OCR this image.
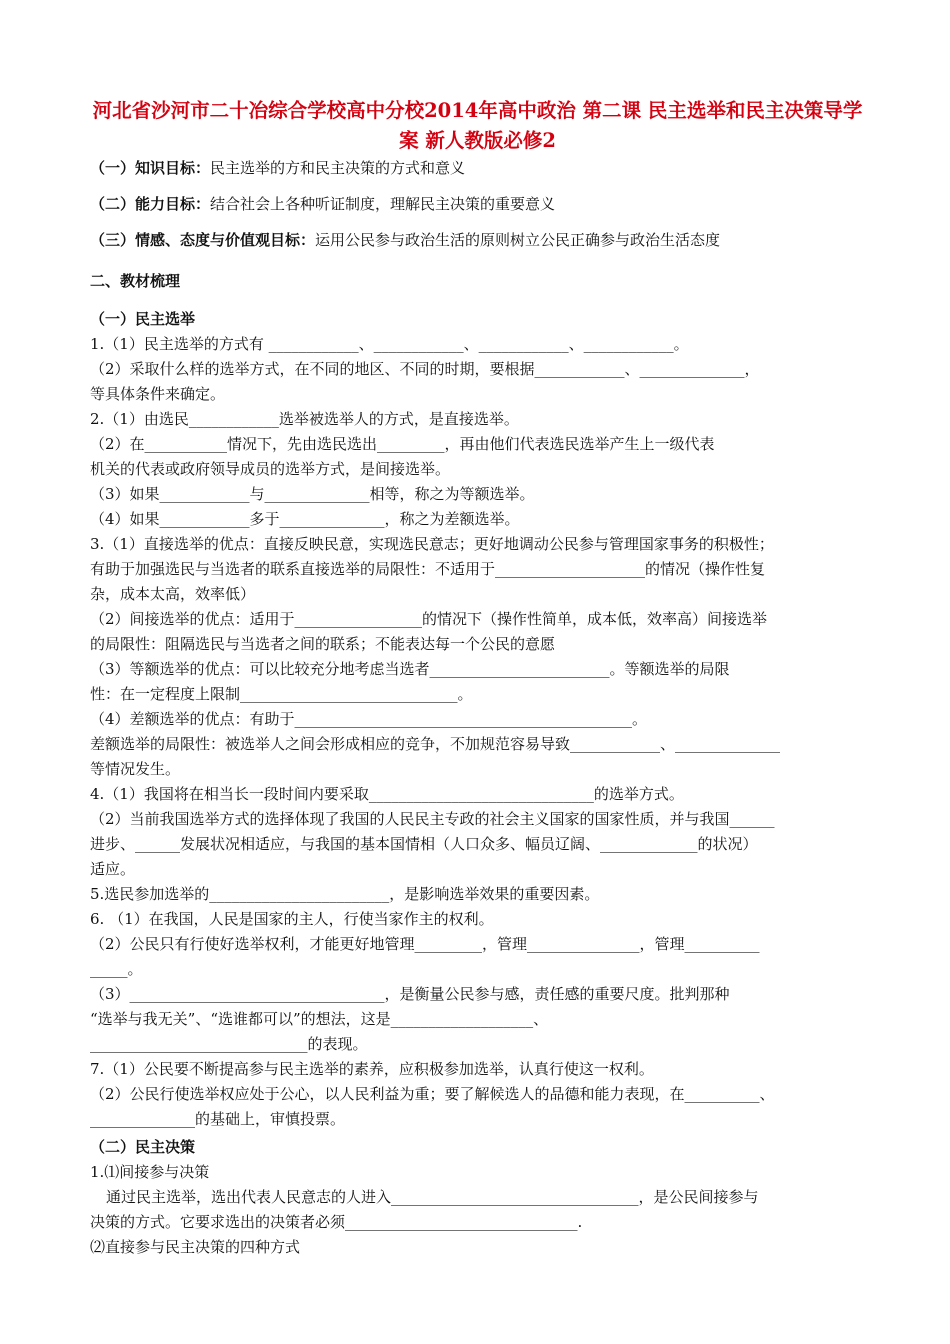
河北省沙河市二十冶综合学校高中分校2014年高中政治 第二课 民主选举和民主决策导学案 新人教版必修2
（一）知识目标：民主选举的方和民主决策的方式和意义
（二）能力目标：结合社会上各种听证制度，理解民主决策的重要意义
（三）情感、态度与价值观目标：运用公民参与政治生活的原则树立公民正确参与政治生活态度
二、教材梳理
（一）民主选举
1.（1）民主选举的方式有 ____________、____________、____________、____________。
（2）采取什么样的选举方式，在不同的地区、不同的时期，要根据____________、______________，
等具体条件来确定。
2.（1）由选民____________选举被选举人的方式，是直接选举。
（2）在___________情况下，先由选民选出_________，再由他们代表选民选举产生上一级代表
机关的代表或政府领导成员的选举方式，是间接选举。
（3）如果____________与______________相等，称之为等额选举。
（4）如果____________多于______________，称之为差额选举。
3.（1）直接选举的优点：直接反映民意，实现选民意志；更好地调动公民参与管理国家事务的积极性；
有助于加强选民与当选者的联系直接选举的局限性：不适用于____________________的情况（操作性复
杂，成本太高，效率低）
（2）间接选举的优点：适用于_________________的情况下（操作性简单，成本低，效率高）间接选举
的局限性：阻隔选民与当选者之间的联系；不能表达每一个公民的意愿
（3）等额选举的优点：可以比较充分地考虑当选者________________________。等额选举的局限
性：在一定程度上限制_____________________________。
（4）差额选举的优点：有助于_____________________________________________。
差额选举的局限性：被选举人之间会形成相应的竞争，不加规范容易导致____________、______________
等情况发生。
4.（1）我国将在相当长一段时间内要采取______________________________的选举方式。
（2）当前我国选举方式的选择体现了我国的人民民主专政的社会主义国家的国家性质，并与我国______
进步、______发展状况相适应，与我国的基本国情相（人口众多、幅员辽阔、_____________的状况）
适应。
5.选民参加选举的________________________，是影响选举效果的重要因素。
6. （1）在我国，人民是国家的主人，行使当家作主的权利。
（2）公民只有行使好选举权利，才能更好地管理_________，管理_______________，管理__________
_____。
（3）__________________________________，是衡量公民参与感，责任感的重要尺度。批判那种
“选举与我无关”、“选谁都可以”的想法，这是___________________、
_____________________________的表现。
7.（1）公民要不断提高参与民主选举的素养，应积极参加选举，认真行使这一权利。
（2）公民行使选举权应处于公心，以人民利益为重；要了解候选人的品德和能力表现，在__________、
______________的基础上，审慎投票。
（二）民主决策
1.⑴间接参与决策
通过民主选举，选出代表人民意志的人进入_________________________________，是公民间接参与
决策的方式。它要求选出的决策者必须_______________________________.
⑵直接参与民主决策的四种方式
